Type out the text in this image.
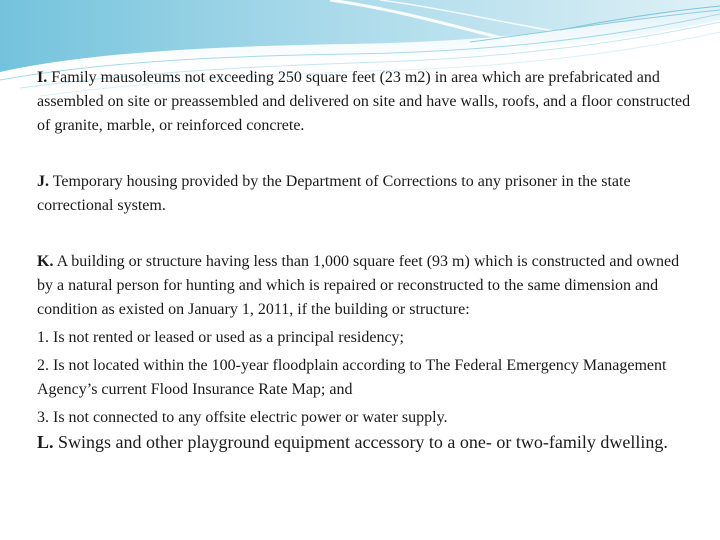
I. Family mausoleums not exceeding 250 square feet (23 m2) in area which are prefabricated and assembled on site or preassembled and delivered on site and have walls, roofs, and a floor constructed of granite, marble, or reinforced concrete.

J. Temporary housing provided by the Department of Corrections to any prisoner in the state correctional system.

K. A building or structure having less than 1,000 square feet (93 m) which is constructed and owned by a natural person for hunting and which is repaired or reconstructed to the same dimension and condition as existed on January 1, 2011, if the building or structure:

1. Is not rented or leased or used as a principal residency;

2. Is not located within the 100-year floodplain according to The Federal Emergency Management Agency’s current Flood Insurance Rate Map; and

3. Is not connected to any offsite electric power or water supply.

L. Swings and other playground equipment accessory to a one- or two-family dwelling.
